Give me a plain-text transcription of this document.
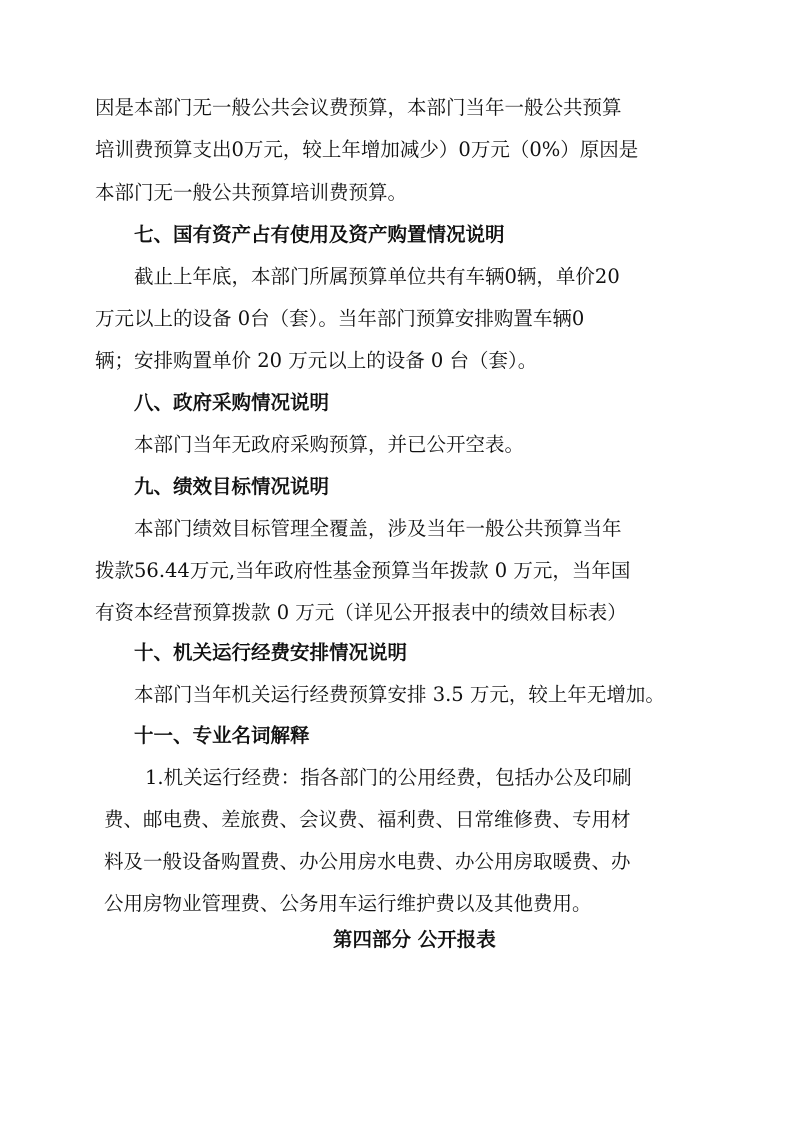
因是本部门无一般公共会议费预算，本部门当年一般公共预算
培训费预算支出0万元，较上年增加减少）0万元（0%）原因是
本部门无一般公共预算培训费预算。
七、国有资产占有使用及资产购置情况说明
截止上年底，本部门所属预算单位共有车辆0辆，单价20
万元以上的设备 0台（套）。当年部门预算安排购置车辆0
辆；安排购置单价 20 万元以上的设备 0 台（套）。
八、政府采购情况说明
本部门当年无政府采购预算，并已公开空表。
九、绩效目标情况说明
本部门绩效目标管理全覆盖，涉及当年一般公共预算当年
拨款56.44万元,当年政府性基金预算当年拨款 0 万元，当年国
有资本经营预算拨款 0 万元（详见公开报表中的绩效目标表）
十、机关运行经费安排情况说明
本部门当年机关运行经费预算安排 3.5 万元，较上年无增加。
十一、专业名词解释
1.机关运行经费：指各部门的公用经费，包括办公及印刷
费、邮电费、差旅费、会议费、福利费、日常维修费、专用材
料及一般设备购置费、办公用房水电费、办公用房取暖费、办
公用房物业管理费、公务用车运行维护费以及其他费用。
第四部分 公开报表
